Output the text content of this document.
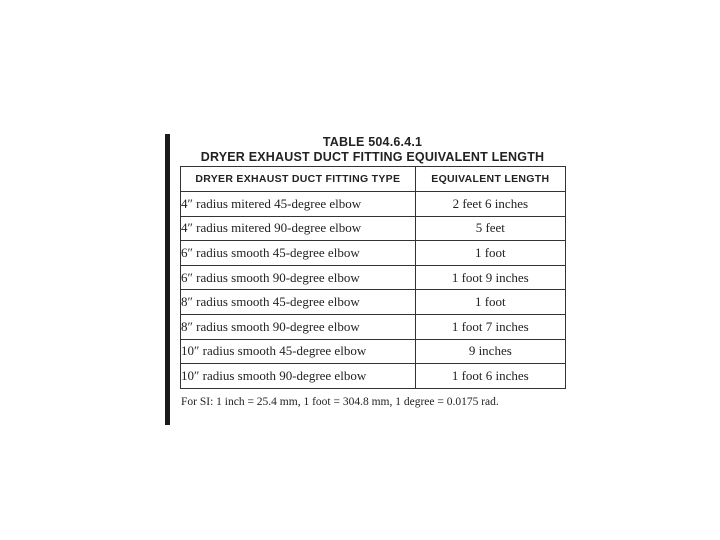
TABLE 504.6.4.1
DRYER EXHAUST DUCT FITTING EQUIVALENT LENGTH
DRYER EXHAUST DUCT FITTING TYPE	EQUIVALENT LENGTH
4″ radius mitered 45-degree elbow	2 feet 6 inches
4″ radius mitered 90-degree elbow	5 feet
6″ radius smooth 45-degree elbow	1 foot
6″ radius smooth 90-degree elbow	1 foot 9 inches
8″ radius smooth 45-degree elbow	1 foot
8″ radius smooth 90-degree elbow	1 foot 7 inches
10″ radius smooth 45-degree elbow	9 inches
10″ radius smooth 90-degree elbow	1 foot 6 inches
For SI: 1 inch = 25.4 mm, 1 foot = 304.8 mm, 1 degree = 0.0175 rad.
